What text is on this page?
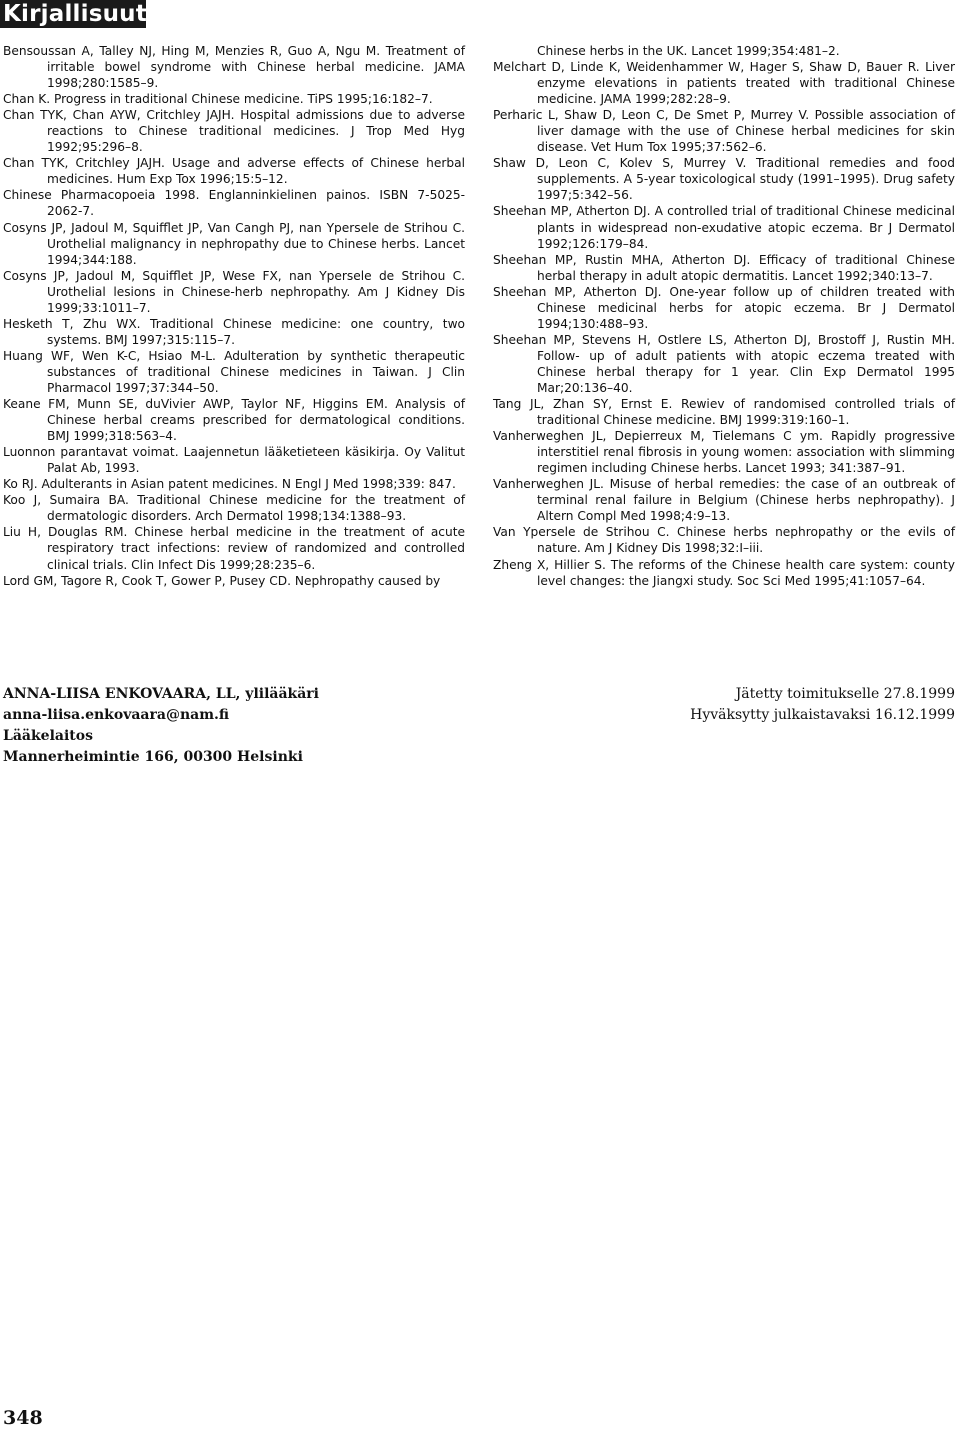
Kirjallisuutta
Bensoussan A, Talley NJ, Hing M, Menzies R, Guo A, Ngu M. Treatment of irritable bowel syndrome with Chinese herbal medicine. JAMA 1998;280:1585–9.
Chan K. Progress in traditional Chinese medicine. TiPS 1995;16:182–7.
Chan TYK, Chan AYW, Critchley JAJH. Hospital admissions due to adverse reactions to Chinese traditional medicines. J Trop Med Hyg 1992;95:296–8.
Chan TYK, Critchley JAJH. Usage and adverse effects of Chinese herbal medicines. Hum Exp Tox 1996;15:5–12.
Chinese Pharmacopoeia 1998. Englanninkielinen painos. ISBN 7-5025-2062-7.
Cosyns JP, Jadoul M, Squifflet JP, Van Cangh PJ, nan Ypersele de Strihou C. Urothelial malignancy in nephropathy due to Chinese herbs. Lancet 1994;344:188.
Cosyns JP, Jadoul M, Squifflet JP, Wese FX, nan Ypersele de Strihou C. Urothelial lesions in Chinese-herb nephropathy. Am J Kidney Dis 1999;33:1011–7.
Hesketh T, Zhu WX. Traditional Chinese medicine: one country, two systems. BMJ 1997;315:115–7.
Huang WF, Wen K-C, Hsiao M-L. Adulteration by synthetic therapeutic substances of traditional Chinese medicines in Taiwan. J Clin Pharmacol 1997;37:344–50.
Keane FM, Munn SE, duVivier AWP, Taylor NF, Higgins EM. Analysis of Chinese herbal creams prescribed for dermatological conditions. BMJ 1999;318:563–4.
Luonnon parantavat voimat. Laajennetun lääketieteen käsikirja. Oy Valitut Palat Ab, 1993.
Ko RJ. Adulterants in Asian patent medicines. N Engl J Med 1998;339: 847.
Koo J, Sumaira BA. Traditional Chinese medicine for the treatment of dermatologic disorders. Arch Dermatol 1998;134:1388–93.
Liu H, Douglas RM. Chinese herbal medicine in the treatment of acute respiratory tract infections: review of randomized and controlled clinical trials. Clin Infect Dis 1999;28:235–6.
Lord GM, Tagore R, Cook T, Gower P, Pusey CD. Nephropathy caused by
Chinese herbs in the UK. Lancet 1999;354:481–2.
Melchart D, Linde K, Weidenhammer W, Hager S, Shaw D, Bauer R. Liver enzyme elevations in patients treated with traditional Chinese medicine. JAMA 1999;282:28–9.
Perharic L, Shaw D, Leon C, De Smet P, Murrey V. Possible association of liver damage with the use of Chinese herbal medicines for skin disease. Vet Hum Tox 1995;37:562–6.
Shaw D, Leon C, Kolev S, Murrey V. Traditional remedies and food supplements. A 5-year toxicological study (1991–1995). Drug safety 1997;5:342–56.
Sheehan MP, Atherton DJ. A controlled trial of traditional Chinese medicinal plants in widespread non-exudative atopic eczema. Br J Dermatol 1992;126:179–84.
Sheehan MP, Rustin MHA, Atherton DJ. Efficacy of traditional Chinese herbal therapy in adult atopic dermatitis. Lancet 1992;340:13–7.
Sheehan MP, Atherton DJ. One-year follow up of children treated with Chinese medicinal herbs for atopic eczema. Br J Dermatol 1994;130:488–93.
Sheehan MP, Stevens H, Ostlere LS, Atherton DJ, Brostoff J, Rustin MH. Follow- up of adult patients with atopic eczema treated with Chinese herbal therapy for 1 year. Clin Exp Dermatol 1995 Mar;20:136–40.
Tang JL, Zhan SY, Ernst E. Rewiev of randomised controlled trials of traditional Chinese medicine. BMJ 1999:319:160–1.
Vanherweghen JL, Depierreux M, Tielemans C ym. Rapidly progressive interstitiel renal fibrosis in young women: association with slimming regimen including Chinese herbs. Lancet 1993; 341:387–91.
Vanherweghen JL. Misuse of herbal remedies: the case of an outbreak of terminal renal failure in Belgium (Chinese herbs nephropathy). J Altern Compl Med 1998;4:9–13.
Van Ypersele de Strihou C. Chinese herbs nephropathy or the evils of nature. Am J Kidney Dis 1998;32:I–iii.
Zheng X, Hillier S. The reforms of the Chinese health care system: county level changes: the Jiangxi study. Soc Sci Med 1995;41:1057–64.
ANNA-LIISA ENKOVAARA, LL, ylilääkäri
anna-liisa.enkovaara@nam.fi
Lääkelaitos
Mannerheimintie 166, 00300 Helsinki
Jätetty toimitukselle 27.8.1999
Hyväksytty julkaistavaksi 16.12.1999
348
